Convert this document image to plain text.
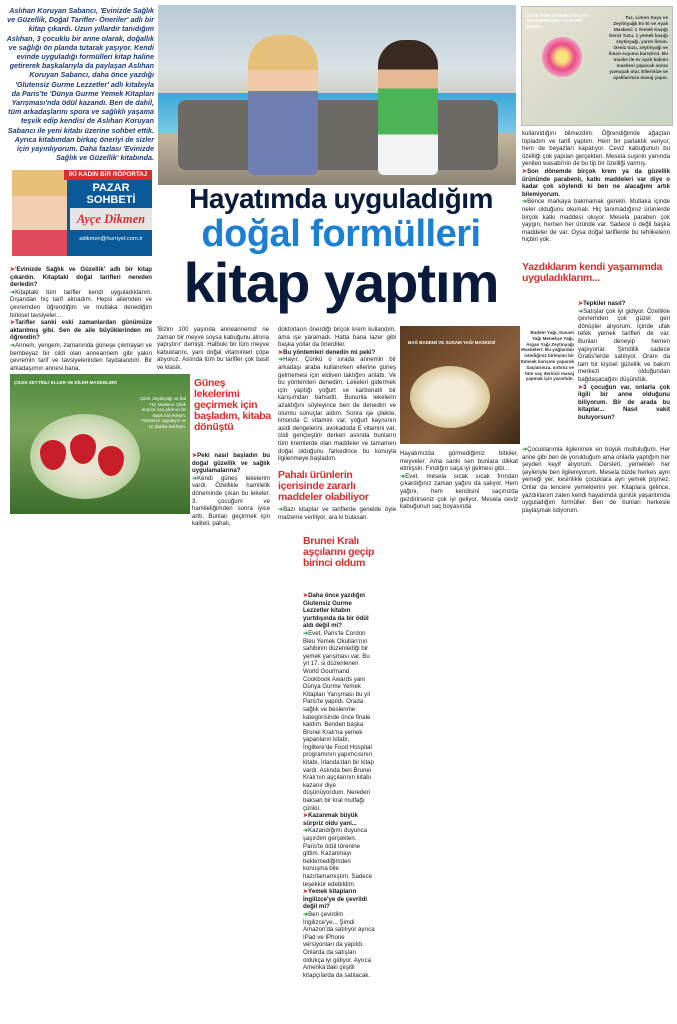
Aslıhan Koruyan Sabancı, 'Evinizde Sağlık ve Güzellik, Doğal Tarifler- Öneriler' adlı bir kitap çıkardı. Uzun yıllardır tanıdığım Aslıhan, 3 çocuklu bir anne olarak, doğallık ve sağlığı ön planda tutarak yaşıyor. Kendi evinde uyguladığı formülleri kitap haline getirerek başkalarıyla da paylaşan Aslıhan Koruyan Sabancı, daha önce yazdığı 'Glutensiz Gurme Lezzetler' adlı kitabıyla da Paris'te 'Dünya Gurme Yemek Kitapları Yarışması'nda ödül kazandı. Ben de dahil, tüm arkadaşlarını spora ve sağlıklı yaşama teşvik edip kendisi de Aslıhan Koruyan Sabancı ile yeni kitabı üzerine sohbet ettik. Ayrıca kitabından birkaç öneriyi de sizler için yayınlıyorum. Daha fazlası 'Evinizde Sağlık ve Güzellik' kitabında.
OLİVE AYAK SABUNU VE ÇAY AĞACI PEELİNG ALETLERİ MASKE
Tuz, Limon Suyu ve Zeytinyağlı Ev El ve Ayak Maskesi: 1 Yemek Kaşığı Deniz Tuzu, 1 yemek kaşığı zeytinyağı, yarım limon. Deniz tuzu, zeytinyağı ve limon suyunu karıştırın. Bu maske ile ev ayak bakımı maskesi yapacak sonra yumuşak olur. Ellerinize ve ayaklarınıza masaj yapın.
İKİ KADIN BİR RÖPORTAJ
PAZAR
SOHBETİ
Ayçe Dikmen
adikmen@hurriyet.com.tr
Hayatımda uyguladığım
doğal formülleri
kitap yaptım

➤ 'Evinizde Sağlık ve Güzellik' adlı bir kitap çıkardın. Kitaptaki doğal tarifleri nereden derledin?

➜ Kitaptaki tüm tarifler kendi uyguladıklarım. Dışarıdan hiç tarif almadım. Hepsi ailemden ve çevremden öğrendiğim ve mutlaka denediğim birkisel tavsiyeler...

➤ Tarifler sanki eski zamanlardan günümüze aktarılmış gibi. Sen de aile büyüklerinden mi öğrendin?

➜ Annem, yengem, zamanında güneşe çıkmayan ve bembeyaz bir cildi olan anneannem gibi yakın çevremin tarif ve tavsiyelerinden faydalandım. Bir arkadaşımın annesi bana,

ÇİLEK ZEYTİNLİ ELLER VE KİLER MASKELERİ
Çilek, Zeytinyağı ve Bal Yüz Maskesi. Çilek ezip bir kaç çilek ve bir kaşık bal ekleyin. Yüzünüze uygulayın ve 10 dakika bekleyin.

'Bizim 100 yaşında anneannemiz ne zaman bir meyve soysa kabuğunu alnına yapıştırır' demişti. Halbuki bir tüm meyve kabuklarını, yani doğal vitaminleri çöpe atıyoruz. Aslında tüm bu tarifler çok basit ve klasik.

Güneş lekelerimi geçirmek için başladım, kitaba dönüştü

➤ Peki nasıl başladın bu doğal güzellik ve sağlık uygulamalarına?

➜ Kendi güneş lekelerim vardı. Özellikle hamilelik döneminde çıkan bu lekeler. 3. çocuğum ve hamileliğimden sonra iyice arttı. Bunları geçirmek için kaliteli, pahalı,

doktorların önerdiği birçok krem kullandım, ama işe yaramadı. Hatta bana lazer gibi başka yollar da önerdiler.

➤ Bu yöntemleri denedin mi peki?

➜ Hayır. Çünkü o sırada annemin bir arkadaşı araba kullanırken ellerine güneş gelmemesi için eldiven taktığını anlattı. Ve bu yöntemleri denedim. Lekeleri gidermek için yaptığı yoğurt ve karbonatlı bir karışımdan bahsetti. Bununla lekelerin azaldığını söyleyince ben de denedim ve olumlu sonuçlar aldım. Sonra işe çilekte, limonda C vitamini var, yoğurt kayısının asidi dengelerini, avokadoda E vitamini var, cildi gençleştirir derken aslında bunların tüm kremlerde olan maddeler ve tamamen doğal olduğunu farkedince bu konuyla ilgilenmeye başladım.

Pahalı ürünlerin içerisinde zararlı maddeler olabiliyor

➜ Bazı kitaplar ve tariflerde genelde öyle malzeme veriliyor, ara ki bulasan.

BAĞ BADEMİ VE SUSAM YAĞI MASKESİ
Badem Yağı, Susam Yağı Menekşe Yağı, Argan Yağı Zeytinyağı Maskeleri: Bu yağlardan istediğiniz birleşimi bir tümsek karışımı yaparak Saçlarınıza, sırtınız ve tüm saç derinizi masaj yapmak için yararlıdır.

Hayatımızda görmediğimiz bitkiler, meyveler. Ama sanki sen bunlara dikkat etmişsin. Fındığın saça iyi gelmesi gibi...

➜ Evet, mesela sıcak sıcak fırından çıkardığınız zaman yağını da salıyor. Hem yağını, hem kendisini saçınızda gezdirirseniz çok iyi geliyor. Mesela ceviz kabuğunun saç boyasında

kullanıldığını bilmezdim. Öğrendiğimde ağaçtan topladım ve tarifi yaptım. Hem bir parlaklık veriyor, hem de beyazları kapatıyor. Ceviz kabuğunun bu özelliği çok yapılan gerçekten. Mesela suşinin yanında yenilen wasabi'nin de bu tip bir özelliği varmış.

➤ Son dönemde birçok krem ya da güzellik ürününde parabenlı, katkı maddeleri var diye o kadar çok söylendi ki ben ne alacağımı artık bilemiyorum.

➜ Bence markaya bakmamak gerekli. Mutlaka içinde neler olduğunu okumalı. Hiç tanımadığınız ürünlerde birçok katkı maddesi oluyor. Mesela paraben çok yaygın, hemen her üründe var. Sadece o değil başka maddeler de var. Oysa doğal tariflerde bu tehlikelerin hiçbiri yok.

Yazdıklarım kendi yaşamımda uyguladıklarım...

➤ Tepkiler nasıl?

➜ Satışlar çok iyi gidiyor. Özellikle çevremden çok güzel geri dönüşler alıyorum. İçinde ufak tefek yemek tarifleri de var. Bunları deneyip hemen yapıyorlar. Şimdilik sadece Gratis'lerde satılıyor. Oranı da tam bir kişisel güzellik ve bakım merkezi olduğundan bağdaşacağını düşündük.

➤ 3 çocuğun var, onlarla çok ilgili bir anne olduğunu biliyorum. Bir de arada bu kitaplar... Nasıl vakit buluyorsun?

➜ Çocuklarımla ilgilenmek en büyük mutluluğum. Her anne gibi ben de yorulduğum ama onlarla yaptığım her şeyden keyif alıyorum. Dersleri, yemekleri her şeyleriyle ben ilgileniyorum. Mesela bizde herkes aynı yemeği yer, kesinlikle çocuklara ayrı yemek pişmez. Onlar da tencere yemeklerini yer. Kitaplara gelince, yazdıklarım zaten kendi hayatımda günlük yaşantımda uyguladığım formüller. Ben de bunları herkesle paylaşmak istiyorum.

Brunei Kralı aşçılarını geçip birinci oldum

➤ Daha önce yazdığın Glutensiz Gurme Lezzetler kitabın yurtdışında da bir ödül aldı değil mi?

➜ Evet, Paris'te Cordon Bleu Yemek Okulları'nın sahibinin düzenlediği bir yemek yarışması var. Bu yıl 17. si düzenlenen World Gourmand Cookbook Awards yani Dünya Gurme Yemek Kitapları Yarışması bu yıl Paris'te yapıldı. Orada sağlık ve beslenme kategorisinde önce finale kaldım. Benden başka Brunei Kralı'na yemek yapanların kitabı, İngiltere'de Food Hospital programının yapımcısının kitabı, İrlanda'dan bir kitap vardı. Aslında ben Brunei Kralı'nın aşçılarının kitabı kazanır diye düşünüyordum. Nereden baksan bir kral mutfağı çünkü.

➤ Kazanmak büyük sürpriz oldu yani...

➜ Kazandığımı duyunca şaşırdım gerçekten. Paris'te ödül törenine gittim. Kazanmayı beklemediğimden konuşma bile hazırlamamıştım. Sadece teşekkür edebildim.

➤ Yemek kitapların İngilizce'ye de çevrildi değil mi?

➜ Ben çevirdim İngilizce'ye... Şimdi Amazon'da satılıyor ayrıca IPad ve IPhone versiyonları da yapıldı. Onlarda da satışları oldukça iyi gidiyor. Ayrıca Amerika'daki çeşitli kitapçılarda da satılacak.
